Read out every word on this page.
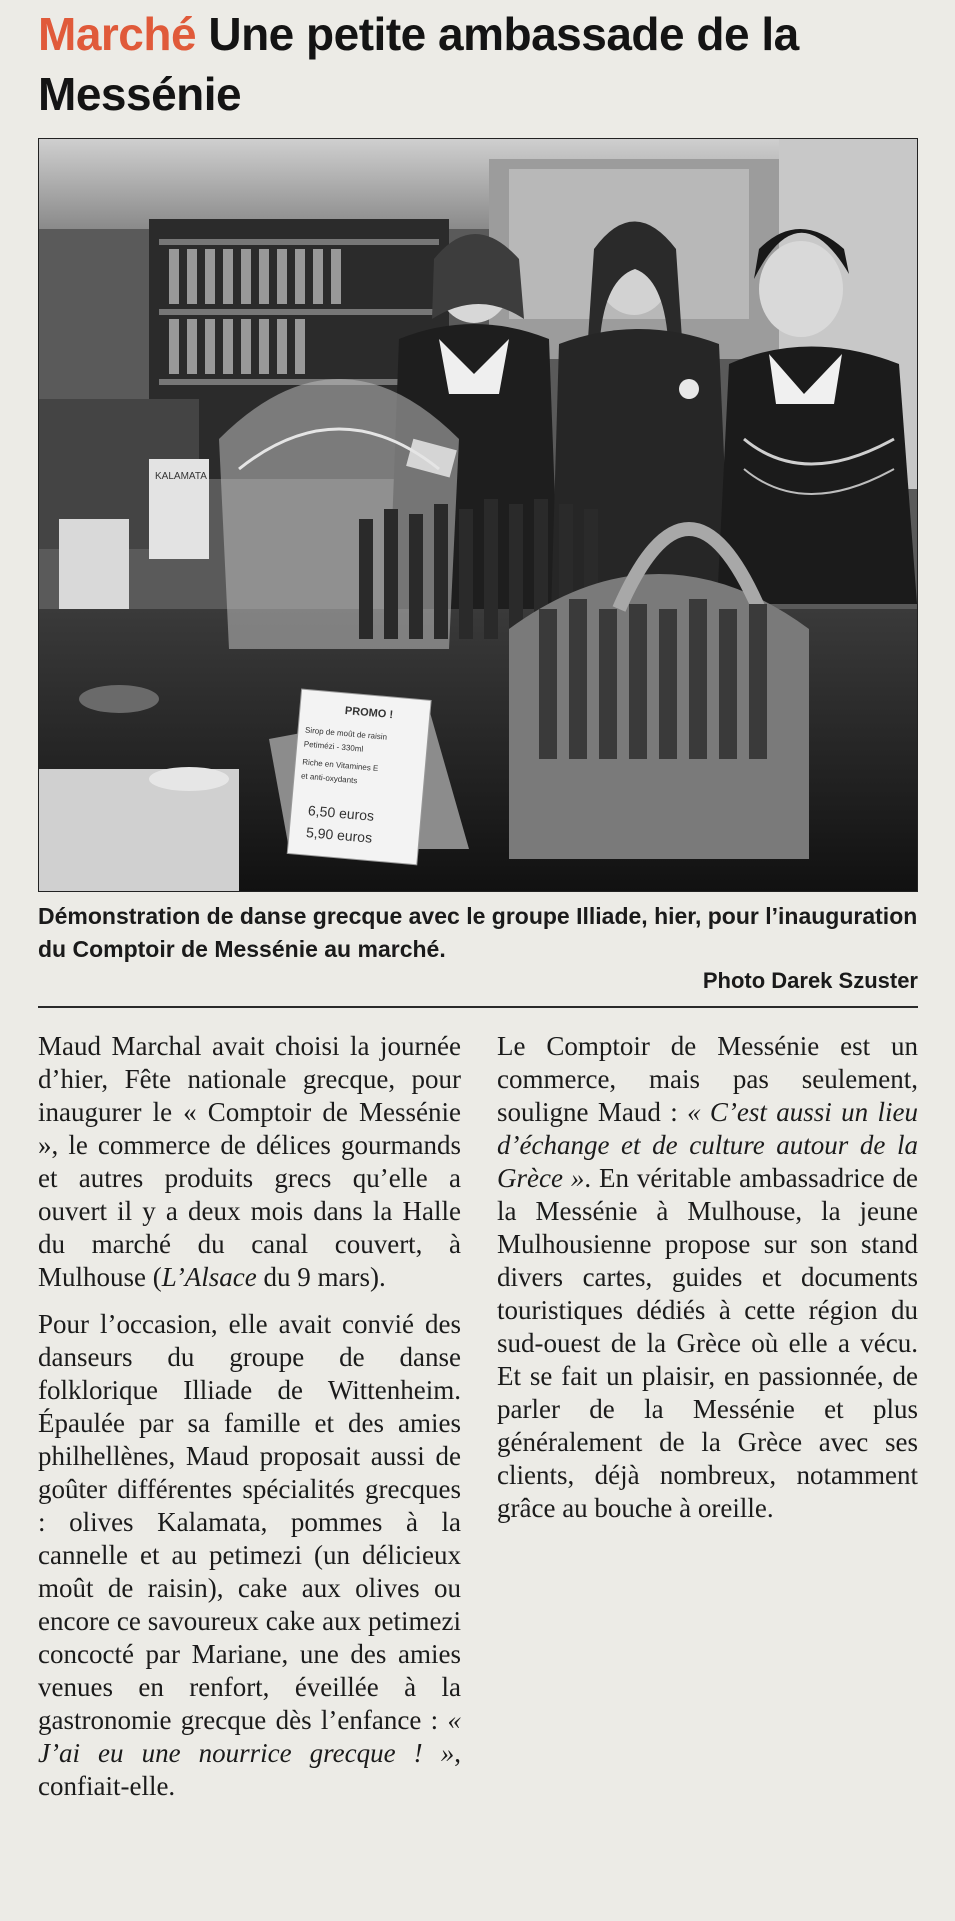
Marché Une petite ambassade de la Messénie
KALAMATA
PROMO !
Sirop de moût de raisin
Petimézi - 330ml
Riche en Vitamines E
et anti-oxydants
6,50 euros
5,90 euros
Démonstration de danse grecque avec le groupe Illiade, hier, pour l’inauguration du Comptoir de Messénie au marché.
Photo Darek Szuster

Maud Marchal avait choisi la journée d’hier, Fête nationale grecque, pour inaugurer le « Comptoir de Messénie », le commerce de délices gourmands et autres produits grecs qu’elle a ouvert il y a deux mois dans la Halle du marché du canal couvert, à Mulhouse (L’Alsace du 9 mars).

Pour l’occasion, elle avait convié des danseurs du groupe de danse folklorique Illiade de Wittenheim. Épaulée par sa famille et des amies philhellènes, Maud proposait aussi de goûter différentes spécialités grecques : olives Kalamata, pommes à la cannelle et au petimezi (un délicieux moût de raisin), cake aux olives ou encore ce savoureux cake aux petimezi concocté par Mariane, une des amies venues en renfort, éveillée à la gastronomie grecque dès l’enfance : « J’ai eu une nourrice grecque ! », confiait-elle.

Le Comptoir de Messénie est un commerce, mais pas seulement, souligne Maud : « C’est aussi un lieu d’échange et de culture autour de la Grèce ». En véritable ambassadrice de la Messénie à Mulhouse, la jeune Mulhousienne propose sur son stand divers cartes, guides et documents touristiques dédiés à cette région du sud-ouest de la Grèce où elle a vécu. Et se fait un plaisir, en passionnée, de parler de la Messénie et plus généralement de la Grèce avec ses clients, déjà nombreux, notamment grâce au bouche à oreille.
